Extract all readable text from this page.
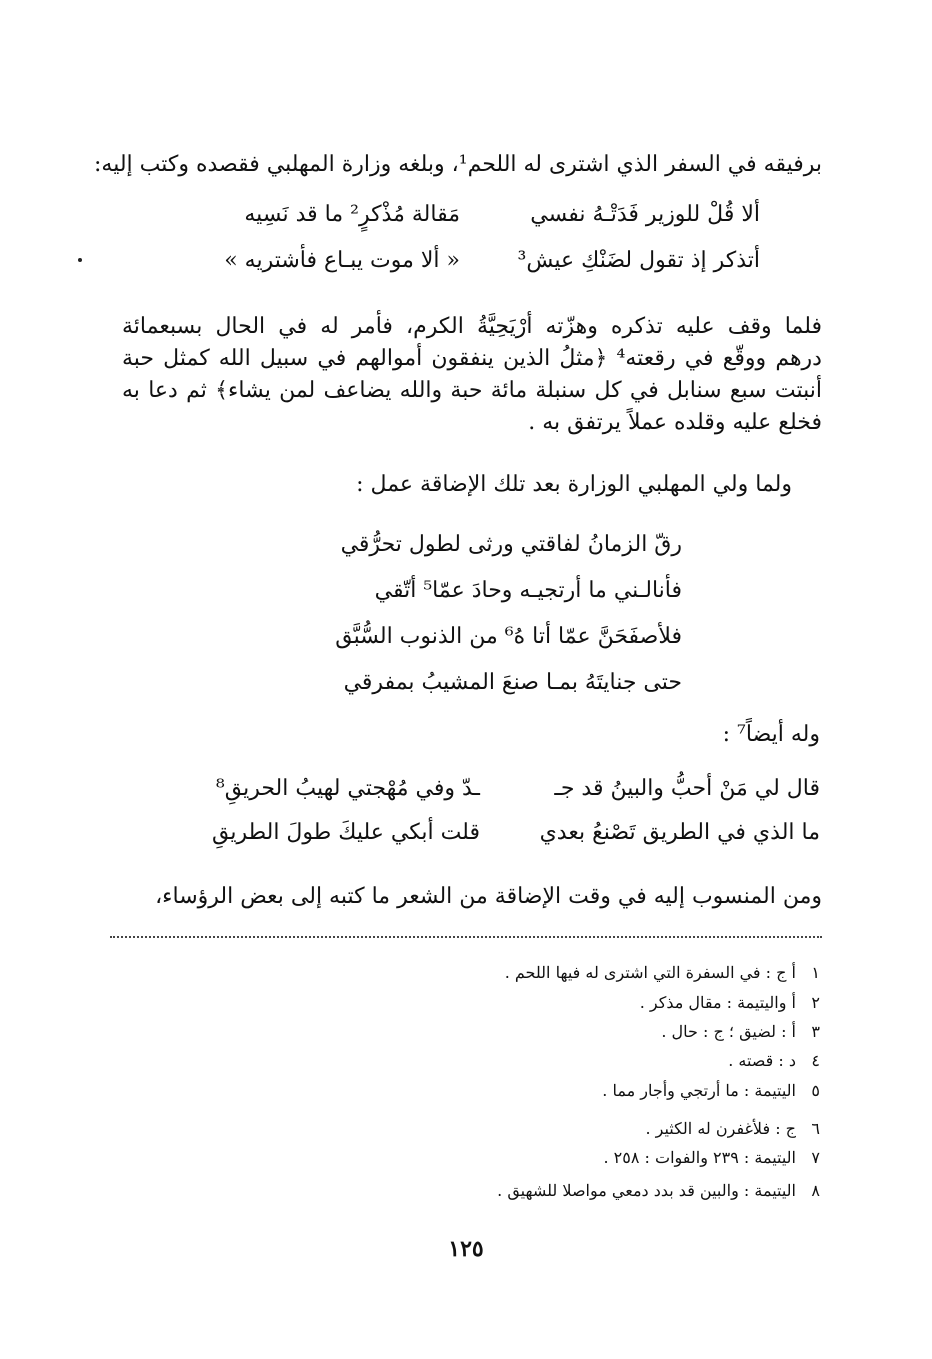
برفيقه في السفر الذي اشترى له اللحم¹، وبلغه وزارة المهلبي فقصده وكتب إليه:
ألا قُلْ للوزير فَدَتْـهُ نفسي
مَقالة مُذْكرٍ² ما قد نَسِيه
أتذكر إذ تقول لضَنْكِ عيش³
« ألا موت يبـاع فأشتريه »
فلما وقف عليه تذكره وهزّته أرْيَحِيَّةُ الكرم، فأمر له في الحال بسبعمائة
درهم ووقّع في رقعته⁴ ﴿مثلُ الذين ينفقون أموالهم في سبيل الله كمثل حبة
أنبتت سبع سنابل في كل سنبلة مائة حبة والله يضاعف لمن يشاء﴾ ثم دعا به
فخلع عليه وقلده عملاً يرتفق به .
ولما ولي المهلبي الوزارة بعد تلك الإضاقة عمل :
رقّ الزمانُ لفاقتي ورثى لطول تحرُّقي
فأنالـني ما أرتجيـه وحادَ عمّا⁵ أتّقي
فلأصفَحَنَّ عمّا أتا هُ⁶ من الذنوب السُّبَّق
حتى جنايتَهُ بمـا صنعَ المشيبُ بمفرقي
وله أيضاً⁷ :
قال لي مَنْ أحبُّ والبينُ قد جـ
ـدّ وفي مُهْجتي لهيبُ الحريقِ⁸
ما الذي في الطريق تَصْنعُ بعدي
قلت أبكي عليكَ طولَ الطريقِ
ومن المنسوب إليه في وقت الإضاقة من الشعر ما كتبه إلى بعض الرؤساء،
١
أ ج : في السفرة التي اشترى له فيها اللحم .
٢
أ واليتيمة : مقال مذكر .
٣
أ : لضيق ؛ ج : حال .
٤
د : قصته .
٥
اليتيمة : ما أرتجي وأجار مما .
٦
ج : فلأغفرن له الكثير .
٧
اليتيمة : ٢٣٩ والفوات : ٢٥٨ .
٨
اليتيمة : والبين قد بدد دمعي مواصلا للشهيق .
١٢٥
